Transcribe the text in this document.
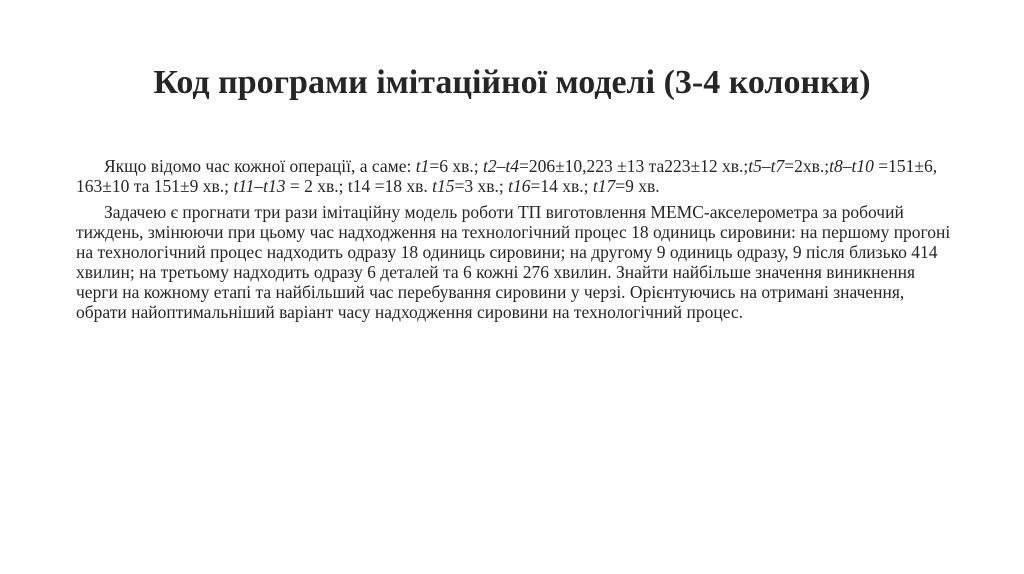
Код програми імітаційної моделі (3-4 колонки)

Якщо відомо час кожної операції, а саме: t1=6 хв.; t2–t4=206±10,223 ±13 та223±12 хв.;t5–t7=2хв.;t8–t10 =151±6, 163±10 та 151±9 хв.; t11–t13 = 2 хв.; t14 =18 хв. t15=3 хв.; t16=14 хв.; t17=9 хв.

Задачею є прогнати три рази імітаційну модель роботи ТП виготовлення МЕМС-акселерометра за робочий тиждень, змінюючи при цьому час надходження на технологічний процес 18 одиниць сировини: на першому прогоні на технологічний процес надходить одразу 18 одиниць сировини; на другому 9 одиниць одразу, 9 після близько 414 хвилин; на третьому надходить одразу 6 деталей та 6 кожні 276 хвилин. Знайти найбільше значення виникнення черги на кожному етапі та найбільший час перебування сировини у черзі. Орієнтуючись на отримані значення, обрати найоптимальніший варіант часу надходження сировини на технологічний процес.
